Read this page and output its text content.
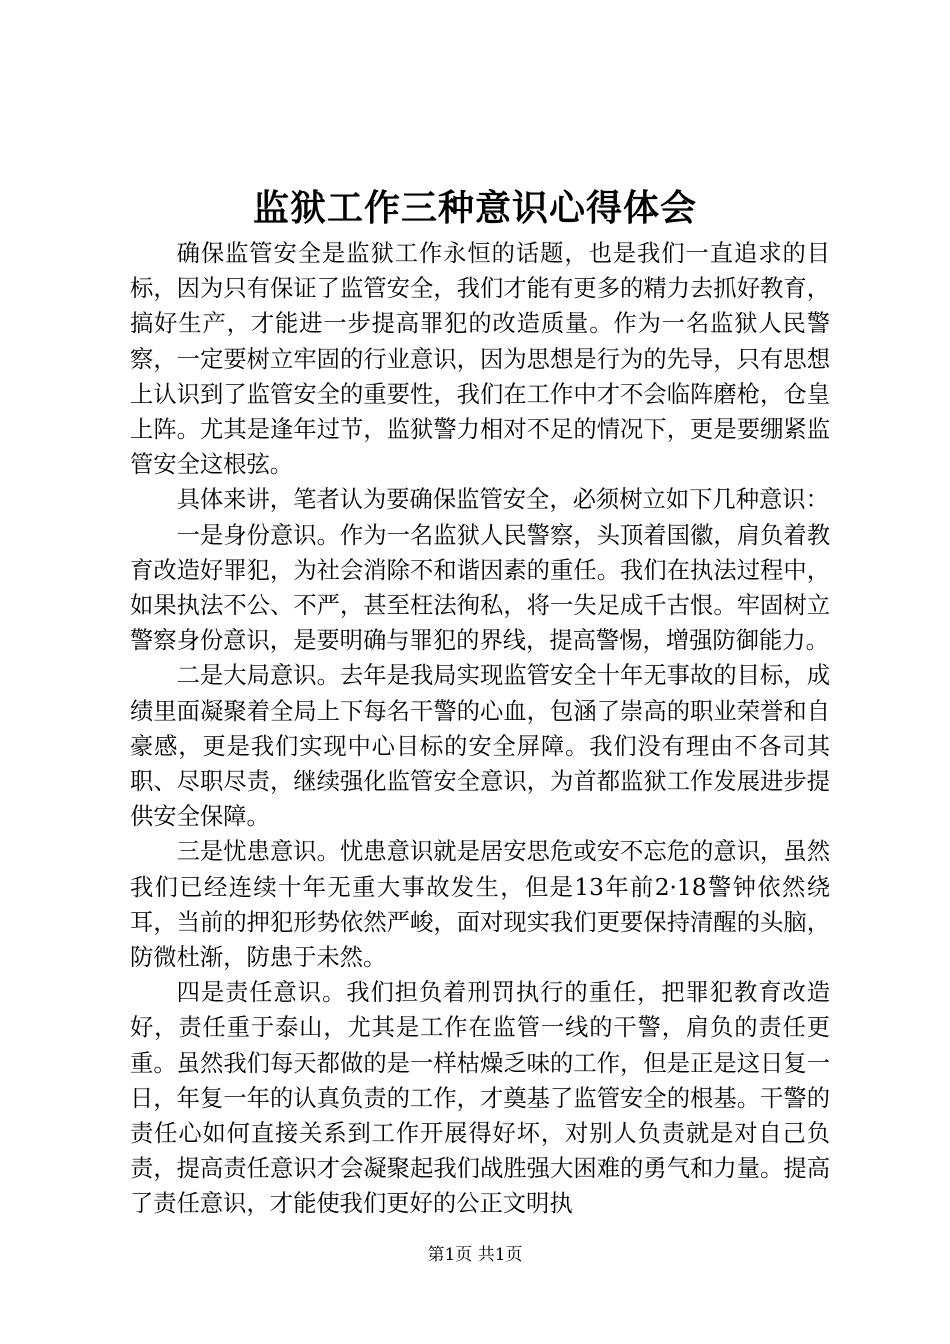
监狱工作三种意识心得体会

确保监管安全是监狱工作永恒的话题，也是我们一直追求的目标，因为只有保证了监管安全，我们才能有更多的精力去抓好教育，搞好生产，才能进一步提高罪犯的改造质量。作为一名监狱人民警察，一定要树立牢固的行业意识，因为思想是行为的先导，只有思想上认识到了监管安全的重要性，我们在工作中才不会临阵磨枪，仓皇上阵。尤其是逢年过节，监狱警力相对不足的情况下，更是要绷紧监管安全这根弦。

具体来讲，笔者认为要确保监管安全，必须树立如下几种意识：

一是身份意识。作为一名监狱人民警察，头顶着国徽，肩负着教育改造好罪犯，为社会消除不和谐因素的重任。我们在执法过程中，如果执法不公、不严，甚至枉法徇私，将一失足成千古恨。牢固树立警察身份意识，是要明确与罪犯的界线，提高警惕，增强防御能力。

二是大局意识。去年是我局实现监管安全十年无事故的目标，成绩里面凝聚着全局上下每名干警的心血，包涵了崇高的职业荣誉和自豪感，更是我们实现中心目标的安全屏障。我们没有理由不各司其职、尽职尽责，继续强化监管安全意识，为首都监狱工作发展进步提供安全保障。

三是忧患意识。忧患意识就是居安思危或安不忘危的意识，虽然我们已经连续十年无重大事故发生，但是13年前2·18警钟依然绕耳，当前的押犯形势依然严峻，面对现实我们更要保持清醒的头脑，防微杜渐，防患于未然。

四是责任意识。我们担负着刑罚执行的重任，把罪犯教育改造好，责任重于泰山，尤其是工作在监管一线的干警，肩负的责任更重。虽然我们每天都做的是一样枯燥乏味的工作，但是正是这日复一日，年复一年的认真负责的工作，才奠基了监管安全的根基。干警的责任心如何直接关系到工作开展得好坏，对别人负责就是对自己负责，提高责任意识才会凝聚起我们战胜强大困难的勇气和力量。提高了责任意识，才能使我们更好的公正文明执

第1页 共1页
